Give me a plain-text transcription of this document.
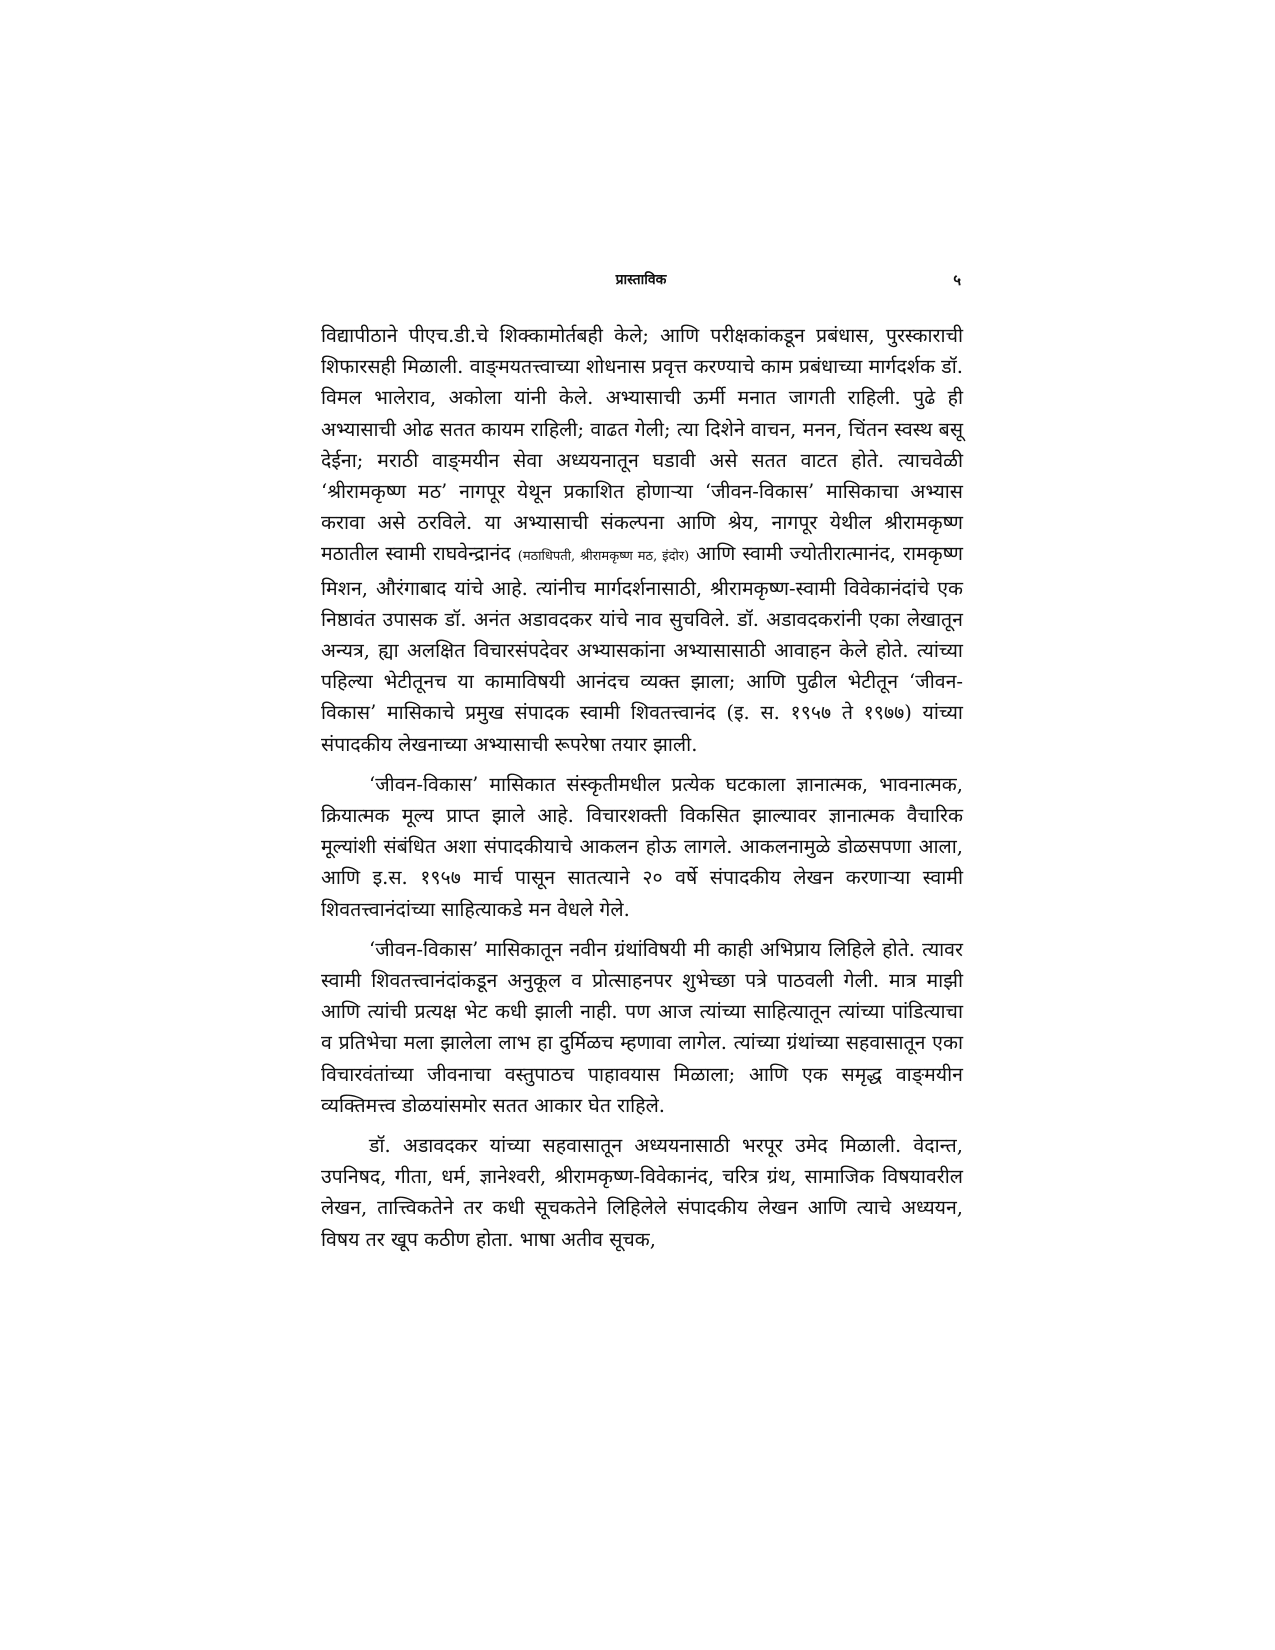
प्रास्ताविक	५

विद्यापीठाने पीएच.डी.चे शिक्कामोर्तबही केले; आणि परीक्षकांकडून प्रबंधास, पुरस्काराची शिफारसही मिळाली. वाङ्‌मयतत्त्वाच्या शोधनास प्रवृत्त करण्याचे काम प्रबंधाच्या मार्गदर्शक डॉ. विमल भालेराव, अकोला यांनी केले. अभ्यासाची ऊर्मी मनात जागती राहिली. पुढे ही अभ्यासाची ओढ सतत कायम राहिली; वाढत गेली; त्या दिशेने वाचन, मनन, चिंतन स्वस्थ बसू देईना; मराठी वाङ्‌मयीन सेवा अध्ययनातून घडावी असे सतत वाटत होते. त्याचवेळी ‘श्रीरामकृष्ण मठ’ नागपूर येथून प्रकाशित होणाऱ्या ‘जीवन-विकास’ मासिकाचा अभ्यास करावा असे ठरविले. या अभ्यासाची संकल्पना आणि श्रेय, नागपूर येथील श्रीरामकृष्ण मठातील स्वामी राघवेन्द्रानंद (मठाधिपती, श्रीरामकृष्ण मठ, इंदोर) आणि स्वामी ज्योतीरात्मानंद, रामकृष्ण मिशन, औरंगाबाद यांचे आहे. त्यांनीच मार्गदर्शनासाठी, श्रीरामकृष्ण-स्वामी विवेकानंदांचे एक निष्ठावंत उपासक डॉ. अनंत अडावदकर यांचे नाव सुचविले. डॉ. अडावदकरांनी एका लेखातून अन्यत्र, ह्या अलक्षित विचारसंपदेवर अभ्यासकांना अभ्यासासाठी आवाहन केले होते. त्यांच्या पहिल्या भेटीतूनच या कामाविषयी आनंदच व्यक्त झाला; आणि पुढील भेटीतून ‘जीवन-विकास’ मासिकाचे प्रमुख संपादक स्वामी शिवतत्त्वानंद (इ. स. १९५७ ते १९७७) यांच्या संपादकीय लेखनाच्या अभ्यासाची रूपरेषा तयार झाली.

‘जीवन-विकास’ मासिकात संस्कृतीमधील प्रत्येक घटकाला ज्ञानात्मक, भावनात्मक, क्रियात्मक मूल्य प्राप्त झाले आहे. विचारशक्ती विकसित झाल्यावर ज्ञानात्मक वैचारिक मूल्यांशी संबंधित अशा संपादकीयाचे आकलन होऊ लागले. आकलनामुळे डोळसपणा आला, आणि इ.स. १९५७ मार्च पासून सातत्याने २० वर्षे संपादकीय लेखन करणाऱ्या स्वामी शिवतत्त्वानंदांच्या साहित्याकडे मन वेधले गेले.

‘जीवन-विकास’ मासिकातून नवीन ग्रंथांविषयी मी काही अभिप्राय लिहिले होते. त्यावर स्वामी शिवतत्त्वानंदांकडून अनुकूल व प्रोत्साहनपर शुभेच्छा पत्रे पाठवली गेली. मात्र माझी आणि त्यांची प्रत्यक्ष भेट कधी झाली नाही. पण आज त्यांच्या साहित्यातून त्यांच्या पांडित्याचा व प्रतिभेचा मला झालेला लाभ हा दुर्मिळच म्हणावा लागेल. त्यांच्या ग्रंथांच्या सहवासातून एका विचारवंतांच्या जीवनाचा वस्तुपाठच पाहावयास मिळाला; आणि एक समृद्ध वाङ्‌मयीन व्यक्तिमत्त्व डोळयांसमोर सतत आकार घेत राहिले.

डॉ. अडावदकर यांच्या सहवासातून अध्ययनासाठी भरपूर उमेद मिळाली. वेदान्त, उपनिषद, गीता, धर्म, ज्ञानेश्वरी, श्रीरामकृष्ण-विवेकानंद, चरित्र ग्रंथ, सामाजिक विषयावरील लेखन, तात्त्विकतेने तर कधी सूचकतेने लिहिलेले संपादकीय लेखन आणि त्याचे अध्ययन, विषय तर खूप कठीण होता. भाषा अतीव सूचक,
